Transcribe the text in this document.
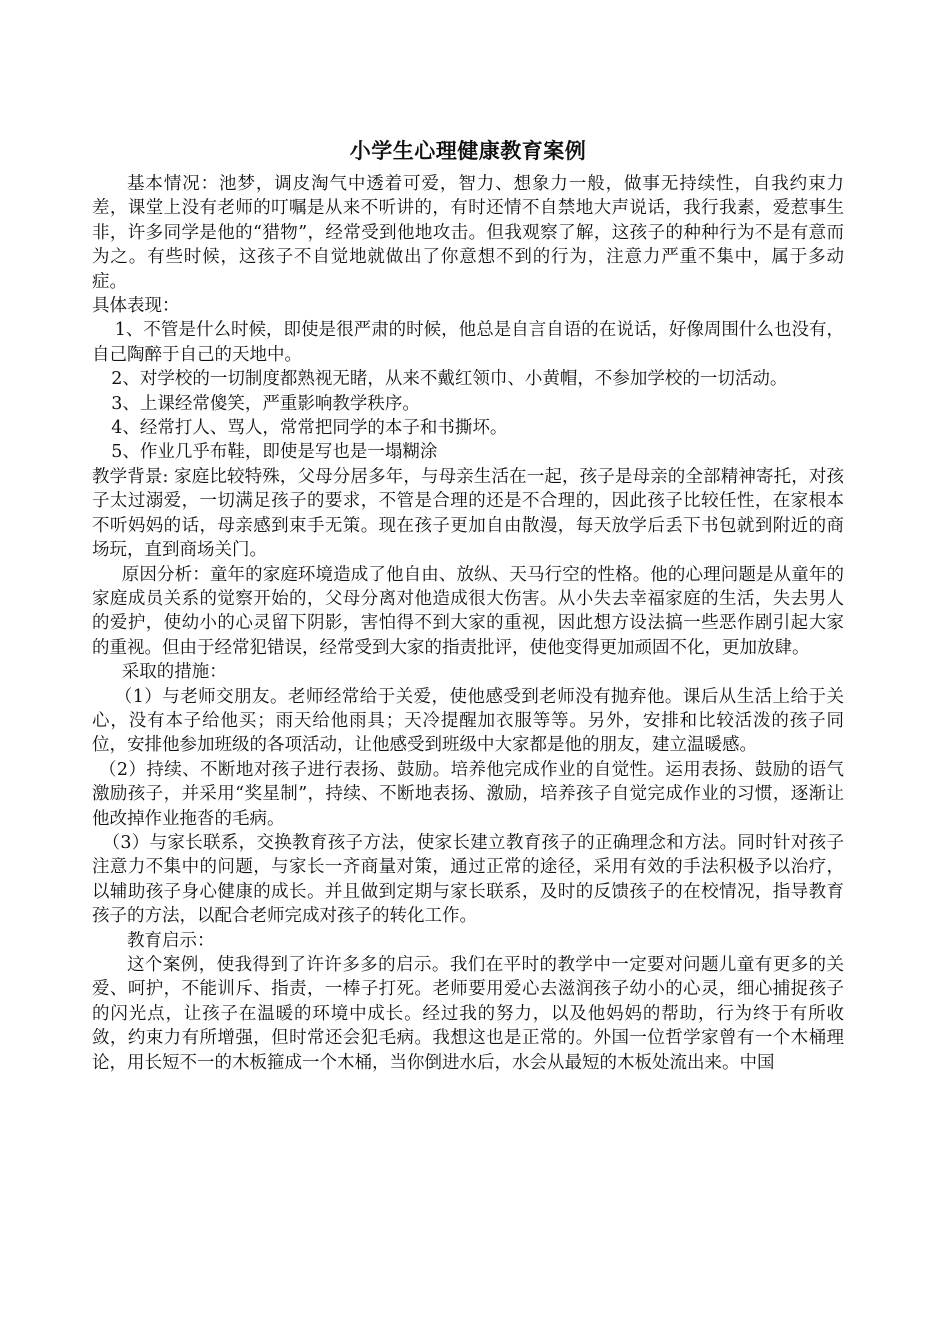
小学生心理健康教育案例

基本情况：池梦，调皮淘气中透着可爱，智力、想象力一般，做事无持续性，自我约束力差，课堂上没有老师的叮嘱是从来不听讲的，有时还情不自禁地大声说话，我行我素，爱惹事生非，许多同学是他的“猎物”，经常受到他地攻击。但我观察了解，这孩子的种种行为不是有意而为之。有些时候，这孩子不自觉地就做出了你意想不到的行为，注意力严重不集中，属于多动症。

具体表现：

1、不管是什么时候，即使是很严肃的时候，他总是自言自语的在说话，好像周围什么也没有，自己陶醉于自己的天地中。

2、对学校的一切制度都熟视无睹，从来不戴红领巾、小黄帽，不参加学校的一切活动。

3、上课经常傻笑，严重影响教学秩序。

4、经常打人、骂人，常常把同学的本子和书撕坏。

5、作业几乎布鞋，即使是写也是一塌糊涂

教学背景: 家庭比较特殊，父母分居多年，与母亲生活在一起，孩子是母亲的全部精神寄托，对孩子太过溺爱，一切满足孩子的要求，不管是合理的还是不合理的，因此孩子比较任性，在家根本不听妈妈的话，母亲感到束手无策。现在孩子更加自由散漫，每天放学后丢下书包就到附近的商场玩，直到商场关门。

原因分析：童年的家庭环境造成了他自由、放纵、天马行空的性格。他的心理问题是从童年的家庭成员关系的觉察开始的，父母分离对他造成很大伤害。从小失去幸福家庭的生活，失去男人的爱护，使幼小的心灵留下阴影，害怕得不到大家的重视，因此想方设法搞一些恶作剧引起大家的重视。但由于经常犯错误，经常受到大家的指责批评，使他变得更加顽固不化，更加放肆。

采取的措施：

（1）与老师交朋友。老师经常给于关爱，使他感受到老师没有抛弃他。课后从生活上给于关心，没有本子给他买；雨天给他雨具；天冷提醒加衣服等等。另外，安排和比较活泼的孩子同位，安排他参加班级的各项活动，让他感受到班级中大家都是他的朋友，建立温暖感。

（2）持续、不断地对孩子进行表扬、鼓励。培养他完成作业的自觉性。运用表扬、鼓励的语气激励孩子，并采用“奖星制”，持续、不断地表扬、激励，培养孩子自觉完成作业的习惯，逐渐让他改掉作业拖沓的毛病。

（3）与家长联系，交换教育孩子方法，使家长建立教育孩子的正确理念和方法。同时针对孩子注意力不集中的问题，与家长一齐商量对策，通过正常的途径，采用有效的手法积极予以治疗，以辅助孩子身心健康的成长。并且做到定期与家长联系，及时的反馈孩子的在校情况，指导教育孩子的方法，以配合老师完成对孩子的转化工作。

教育启示：

这个案例，使我得到了许许多多的启示。我们在平时的教学中一定要对问题儿童有更多的关爱、呵护，不能训斥、指责，一棒子打死。老师要用爱心去滋润孩子幼小的心灵，细心捕捉孩子的闪光点，让孩子在温暖的环境中成长。经过我的努力，以及他妈妈的帮助，行为终于有所收敛，约束力有所增强，但时常还会犯毛病。我想这也是正常的。外国一位哲学家曾有一个木桶理论，用长短不一的木板箍成一个木桶，当你倒进水后，水会从最短的木板处流出来。中国
